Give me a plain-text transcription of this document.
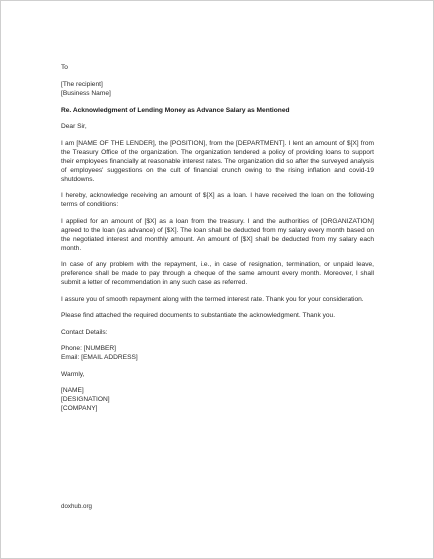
To
[The recipient]
[Business Name]
Re. Acknowledgment of Lending Money as Advance Salary as Mentioned
Dear Sir,
I am [NAME OF THE LENDER], the [POSITION], from the [DEPARTMENT]. I lent an amount of $[X] from the Treasury Office of the organization. The organization tendered a policy of providing loans to support their employees financially at reasonable interest rates. The organization did so after the surveyed analysis of employees' suggestions on the cult of financial crunch owing to the rising inflation and covid-19 shutdowns.
I hereby, acknowledge receiving an amount of $[X] as a loan. I have received the loan on the following terms of conditions:
I applied for an amount of [$X] as a loan from the treasury. I and the authorities of [ORGANIZATION] agreed to the loan (as advance) of [$X]. The loan shall be deducted from my salary every month based on the negotiated interest and monthly amount. An amount of [$X] shall be deducted from my salary each month.
In case of any problem with the repayment, i.e., in case of resignation, termination, or unpaid leave, preference shall be made to pay through a cheque of the same amount every month. Moreover, I shall submit a letter of recommendation in any such case as referred.
I assure you of smooth repayment along with the termed interest rate. Thank you for your consideration.
Please find attached the required documents to substantiate the acknowledgment. Thank you.
Contact Details:
Phone: [NUMBER]
Email: [EMAIL ADDRESS]
Warmly,
[NAME]
[DESIGNATION]
[COMPANY]
doxhub.org
